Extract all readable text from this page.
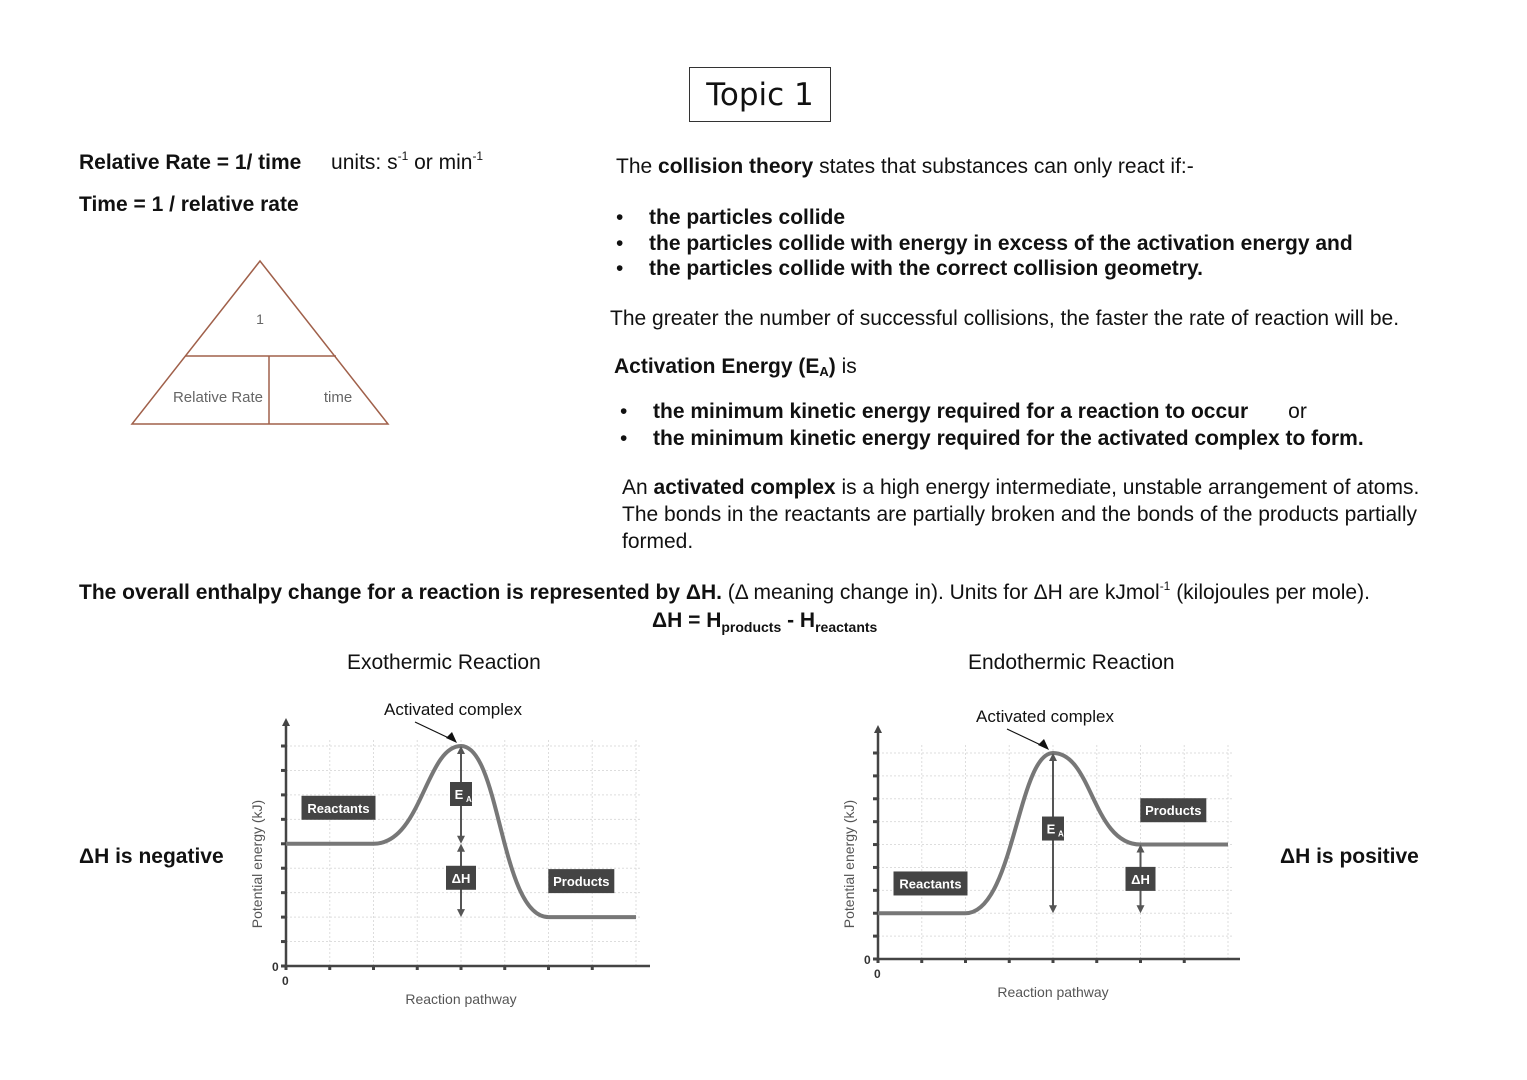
Topic 1
Relative Rate = 1/ time units: $s^{-1}$ or $\min^{-1}$
Time = 1 / relative rate
1
Relative Rate	time
The collision theory states that substances can only react if:-
• the particles collide
• the particles collide with energy in excess of the activation energy and
• the particles collide with the correct collision geometry.
The greater the number of successful collisions, the faster the rate of reaction will be.
Activation Energy (EA) is
• the minimum kinetic energy required for a reaction to occur or
• the minimum kinetic energy required for the activated complex to form.
An activated complex is a high energy intermediate, unstable arrangement of atoms.
The bonds in the reactants are partially broken and the bonds of the products partially
formed.
The overall enthalpy change for a reaction is represented by ΔH. (Δ meaning change in). Units for ΔH are kJmol$^{-1}$ (kilojoules per mole).
$\Delta H = H_{products} - H_{reactants}$
Exothermic Reaction	Endothermic Reaction
ΔH is negative	ΔH is positive
0
0
Reaction pathway
Potential energy (kJ)
Activated complex
E A
ΔH
Reactants
Products
0
0
Reaction pathway
Potential energy (kJ)
Activated complex
E A
ΔH
Reactants
Products
